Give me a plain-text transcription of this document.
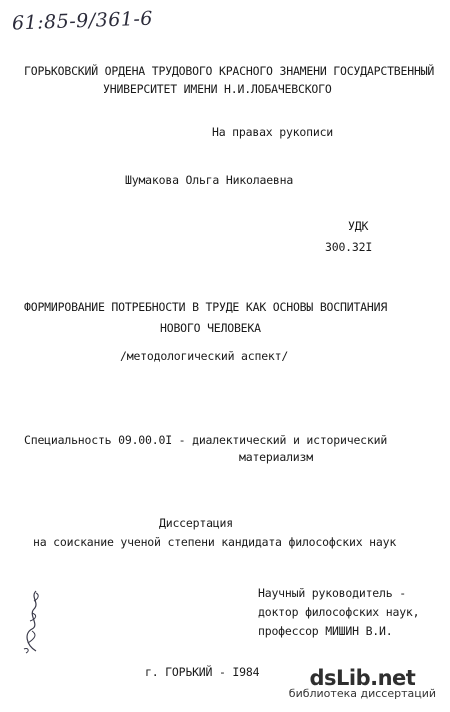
61:85-9/361-6
ГОРЬКОВСКИЙ ОРДЕНА ТРУДОВОГО КРАСНОГО ЗНАМЕНИ ГОСУДАРСТВЕННЫЙ
УНИВЕРСИТЕТ ИМЕНИ Н.И.ЛОБАЧЕВСКОГО
На правах рукописи
Шумакова Ольга Николаевна
УДК
300.32I
ФОРМИРОВАНИЕ ПОТРЕБНОСТИ В ТРУДЕ КАК ОСНОВЫ ВОСПИТАНИЯ
НОВОГО ЧЕЛОВЕКА
/методологический аспект/
Специальность 09.00.0I - диалектический и исторический
материализм
Диссертация
на соискание ученой степени кандидата философских наук
Научный руководитель -
доктор философских наук,
профессор МИШИН В.И.
г. ГОРЬКИЙ - I984	dsLib.net
библиотека диссертаций
